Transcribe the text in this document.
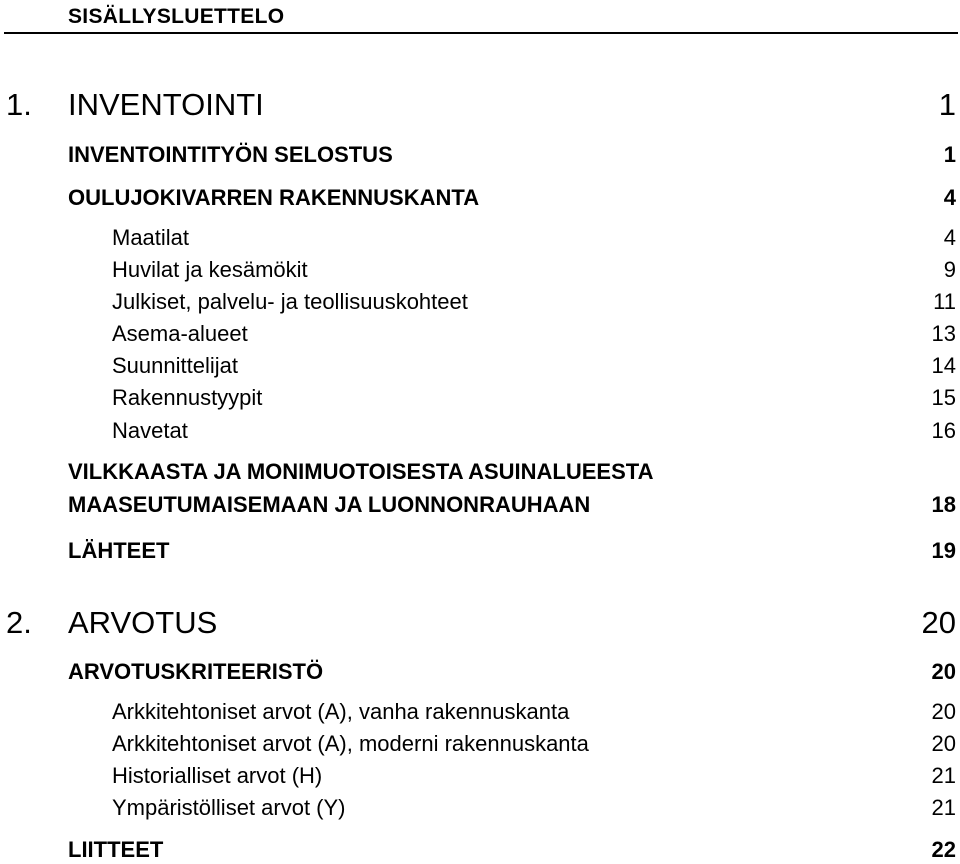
SISÄLLYSLUETTELO
1. INVENTOINTI	1
INVENTOINTITYÖN SELOSTUS	1
OULUJOKIVARREN RAKENNUSKANTA	4
Maatilat	4
Huvilat ja kesämökit	9
Julkiset, palvelu- ja teollisuuskohteet	11
Asema-alueet	13
Suunnittelijat	14
Rakennustyypit	15
Navetat	16
VILKKAASTA JA MONIMUOTOISESTA ASUINALUEESTA
MAASEUTUMAISEMAAN JA LUONNONRAUHAAN	18
LÄHTEET	19
2. ARVOTUS	20
ARVOTUSKRITEERISTÖ	20
Arkkitehtoniset arvot (A), vanha rakennuskanta	20
Arkkitehtoniset arvot (A), moderni rakennuskanta	20
Historialliset arvot (H)	21
Ympäristölliset arvot (Y)	21
LIITTEET	22
